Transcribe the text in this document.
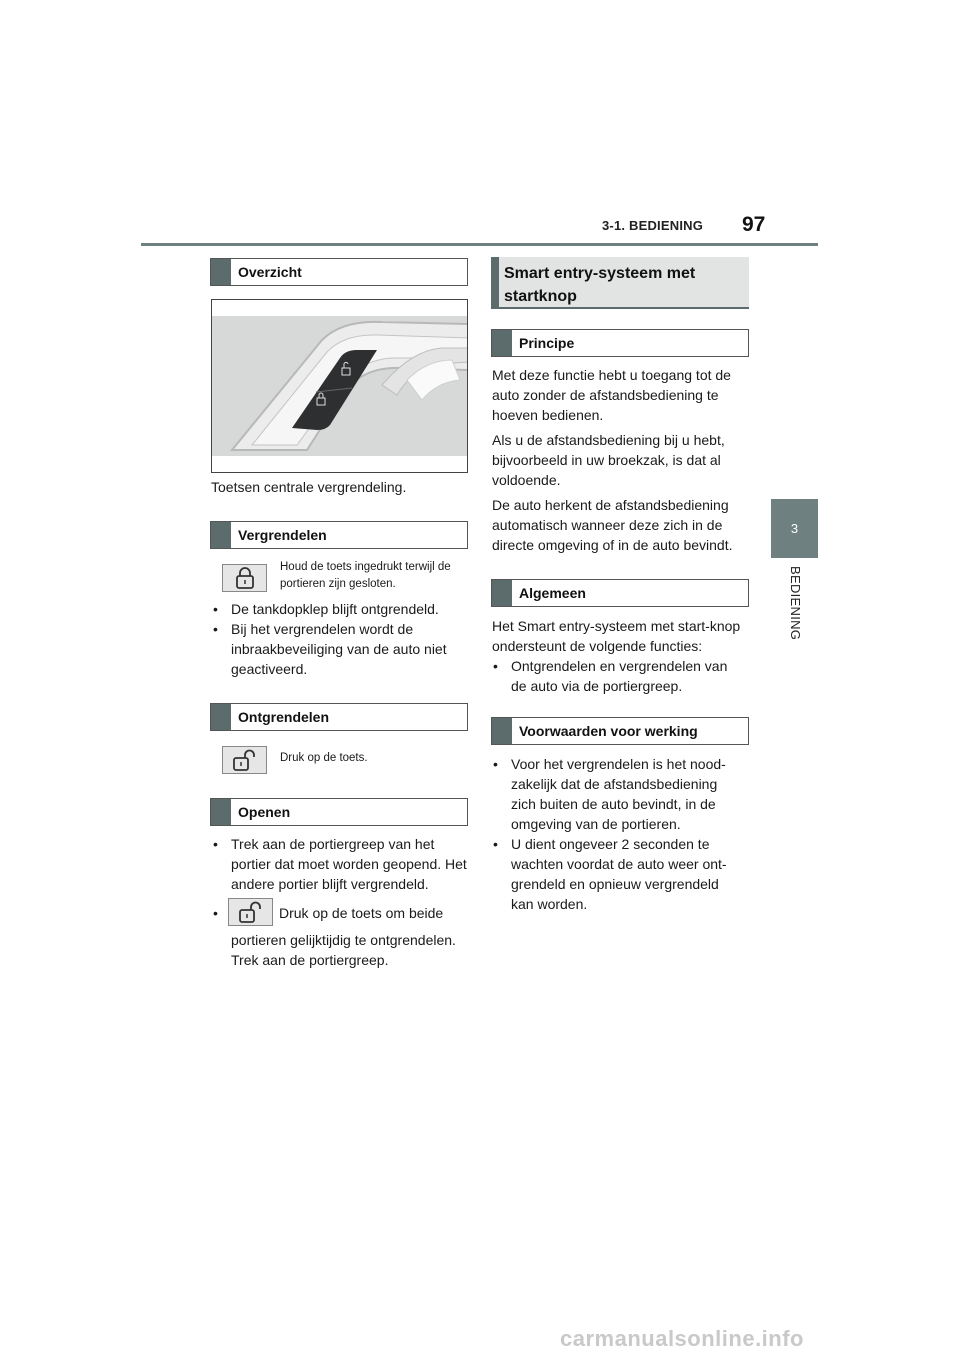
3-1. BEDIENING 97
3
BEDIENING
Overzicht
Toetsen centrale vergrendeling.
Vergrendelen
Houd de toets ingedrukt terwijl de portieren zijn gesloten.
• De tankdopklep blijft ontgrendeld.
• Bij het vergrendelen wordt de inbraakbeveiliging van de auto niet geactiveerd.
Ontgrendelen
Druk op de toets.
Openen
• Trek aan de portiergreep van het portier dat moet worden geopend. Het andere portier blijft vergrendeld.
•	Druk op de toets om beide
portieren gelijktijdig te ontgrendelen. Trek aan de portiergreep.
Smart entry-systeem met startknop
Principe
Met deze functie hebt u toegang tot de auto zonder de afstandsbediening te hoeven bedienen.
Als u de afstandsbediening bij u hebt, bijvoorbeeld in uw broekzak, is dat al voldoende.
De auto herkent de afstandsbediening automatisch wanneer deze zich in de directe omgeving of in de auto bevindt.
Algemeen
Het Smart entry-systeem met start-knop ondersteunt de volgende functies:
• Ontgrendelen en vergrendelen van de auto via de portiergreep.
Voorwaarden voor werking
• Voor het vergrendelen is het nood-zakelijk dat de afstandsbediening zich buiten de auto bevindt, in de omgeving van de portieren.
• U dient ongeveer 2 seconden te wachten voordat de auto weer ont-grendeld en opnieuw vergrendeld kan worden.
carmanualsonline.info
